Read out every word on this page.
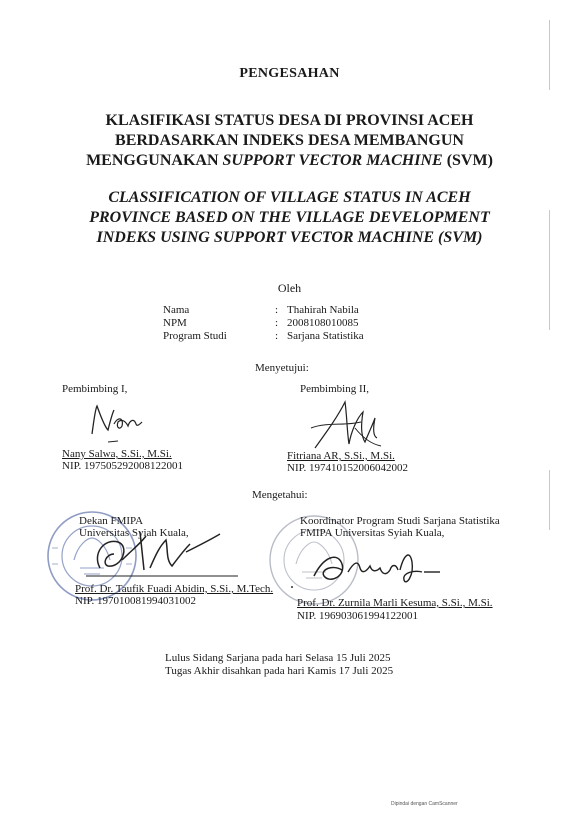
PENGESAHAN
KLASIFIKASI STATUS DESA DI PROVINSI ACEH
BERDASARKAN INDEKS DESA MEMBANGUN
MENGGUNAKAN SUPPORT VECTOR MACHINE (SVM)
CLASSIFICATION OF VILLAGE STATUS IN ACEH
PROVINCE BASED ON THE VILLAGE DEVELOPMENT
INDEKS USING SUPPORT VECTOR MACHINE (SVM)
Oleh
Nama	: Thahirah Nabila
NPM	: 2008108010085
Program Studi	: Sarjana Statistika
Menyetujui:
Pembimbing I,	Pembimbing II,
Nany Salwa, S.Si., M.Si.
NIP. 197505292008122001
Fitriana AR, S.Si., M.Si.
NIP. 197410152006042002
Mengetahui:
Dekan FMIPA
Universitas Syiah Kuala,
Koordinator Program Studi Sarjana Statistika
FMIPA Universitas Syiah Kuala,
Prof. Dr. Taufik Fuadi Abidin, S.Si., M.Tech.
NIP. 197010081994031002	Prof. Dr. Zurnila Marli Kesuma, S.Si., M.Si.
NIP. 196903061994122001
Lulus Sidang Sarjana pada hari Selasa 15 Juli 2025
Tugas Akhir disahkan pada hari Kamis 17 Juli 2025
Dipindai dengan CamScanner
